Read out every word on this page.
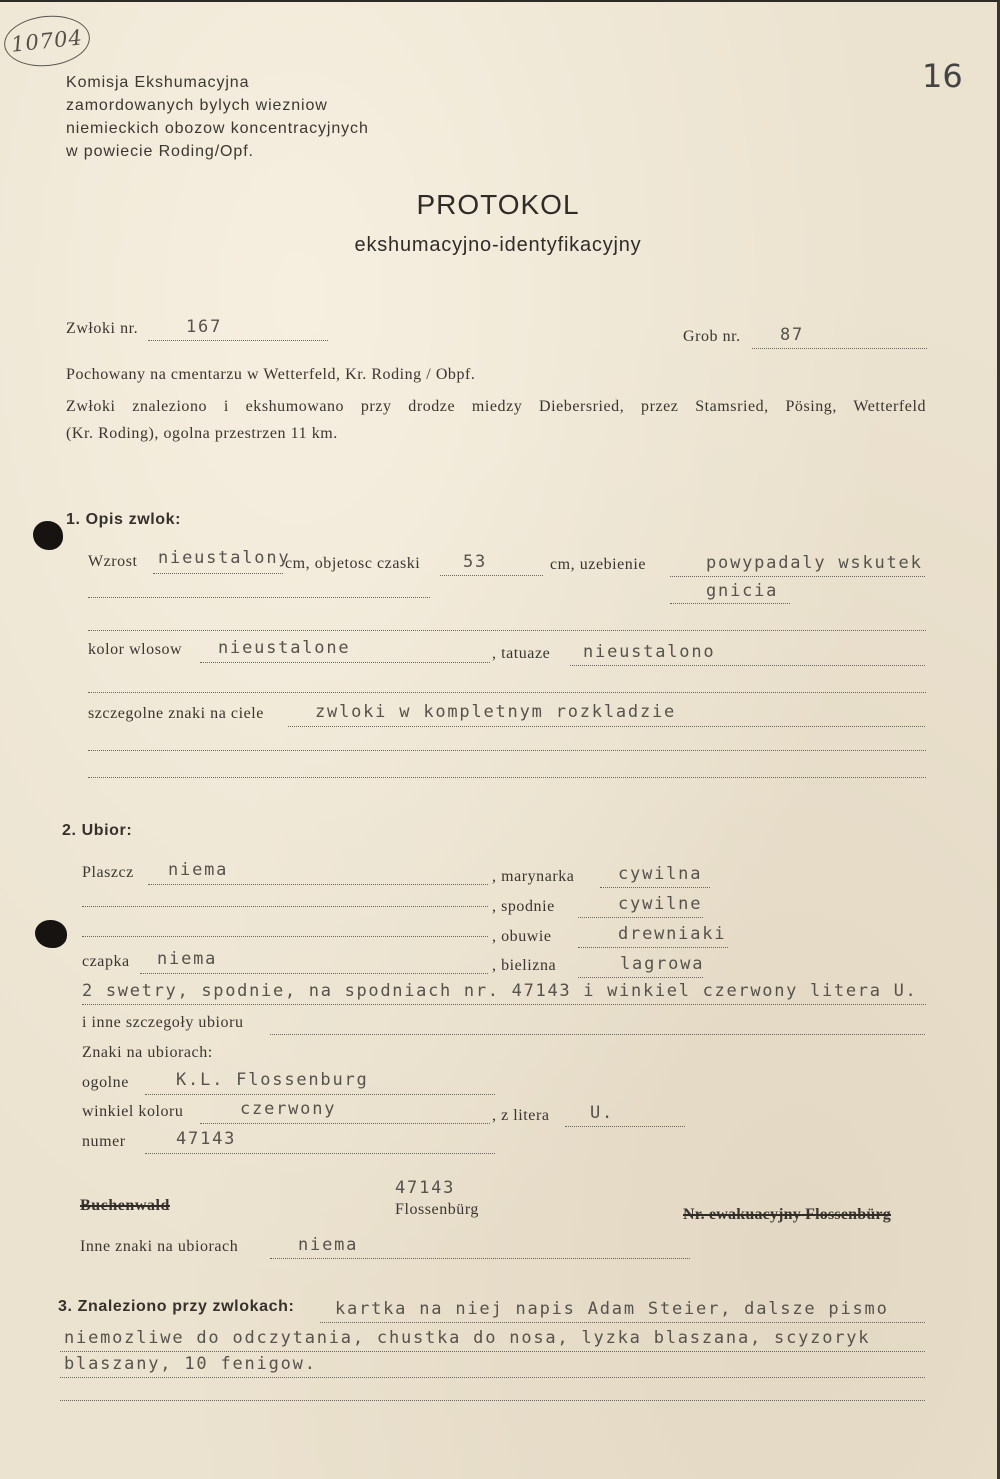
10704
16
Komisja Ekshumacyjna
zamordowanych bylych wiezniow
niemieckich obozow koncentracyjnych
w powiecie Roding/Opf.
PROTOKOL
ekshumacyjno-identyfikacyjny
Zwłoki nr.	167	Grob nr. 87
Pochowany na cmentarzu w Wetterfeld, Kr. Roding / Obpf.
Zwłoki znaleziono i ekshumowano przy drodze miedzy Diebersried, przez Stamsried, Pösing, Wetterfeld
(Kr. Roding), ogolna przestrzen 11 km.
1. Opis zwlok:
Wzrost nieustalony
cm, objetosc czaski	53	cm, uzebienie	powypadaly wskutek
gnicia
kolor wlosow nieustalone	, tatuaze nieustalono
szczegolne znaki na ciele	zwloki w kompletnym rozkladzie
2. Ubior:
Plaszcz niema	, marynarka	cywilna
, spodnie	cywilne
, obuwie	drewniaki
czapka niema	, bielizna	lagrowa
2 swetry, spodnie, na spodniach nr. 47143 i winkiel czerwony litera U.
i inne szczegoły ubioru
Znaki na ubiorach:
ogolne	K.L. Flossenburg
winkiel koloru	czerwony	, z litera U.
numer	47143
Buchenwald
47143
Flossenbürg	Nr. ewakuacyjny Flossenbürg
Inne znaki na ubiorach	niema
3. Znaleziono przy zwlokach: kartka na niej napis Adam Steier, dalsze pismo
niemozliwe do odczytania, chustka do nosa, lyzka blaszana, scyzoryk
blaszany, 10 fenigow.
